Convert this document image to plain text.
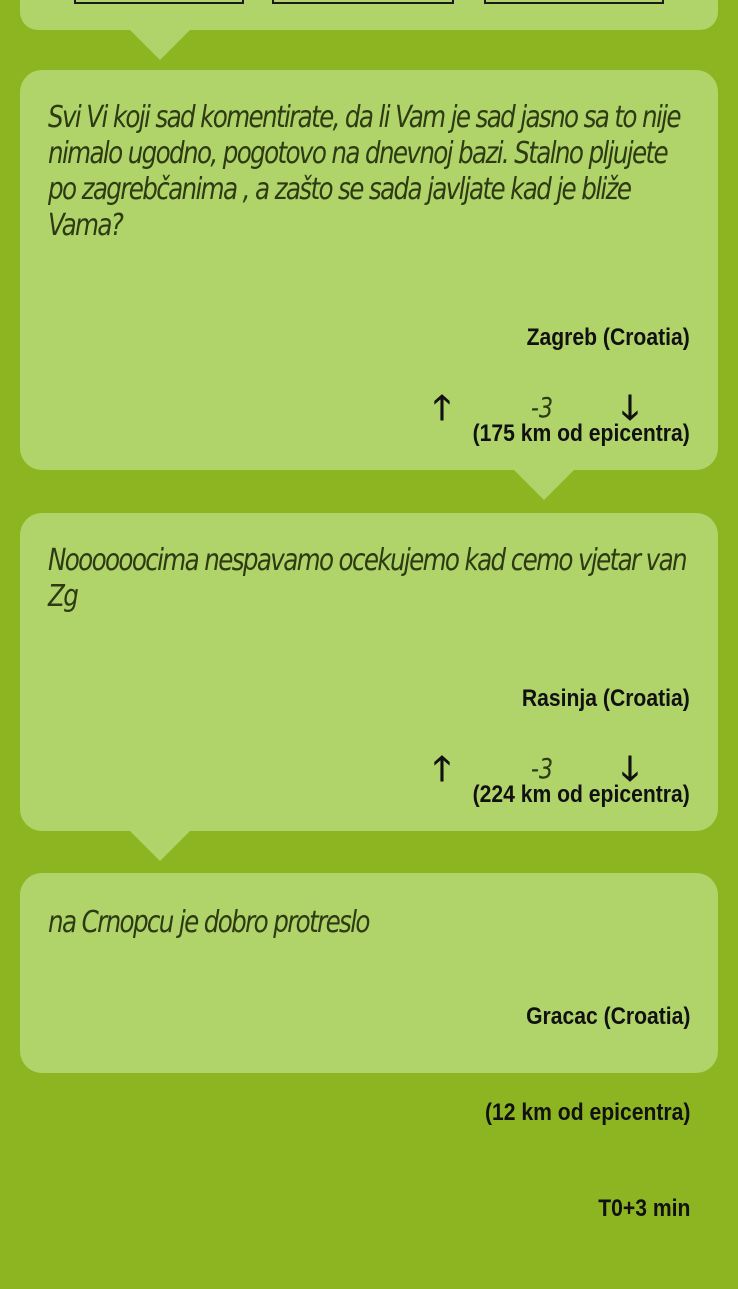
Svi Vi koji sad komentirate, da li Vam je sad jasno sa to nije nimalo ugodno, pogotovo na dnevnoj bazi. Stalno pljujete po zagrebčanima , a zašto se sada javljate kad je bliže Vama?

Zagreb (Croatia)

(175 km od epicentra)

🡑	-3	🡓

Noooooocima nespavamo ocekujemo kad cemo vjetar van Zg

Rasinja (Croatia)

(224 km od epicentra)

🡑	-3	🡓

na Crnopcu je dobro protreslo

Gracac (Croatia)

(12 km od epicentra)

T0+3 min
